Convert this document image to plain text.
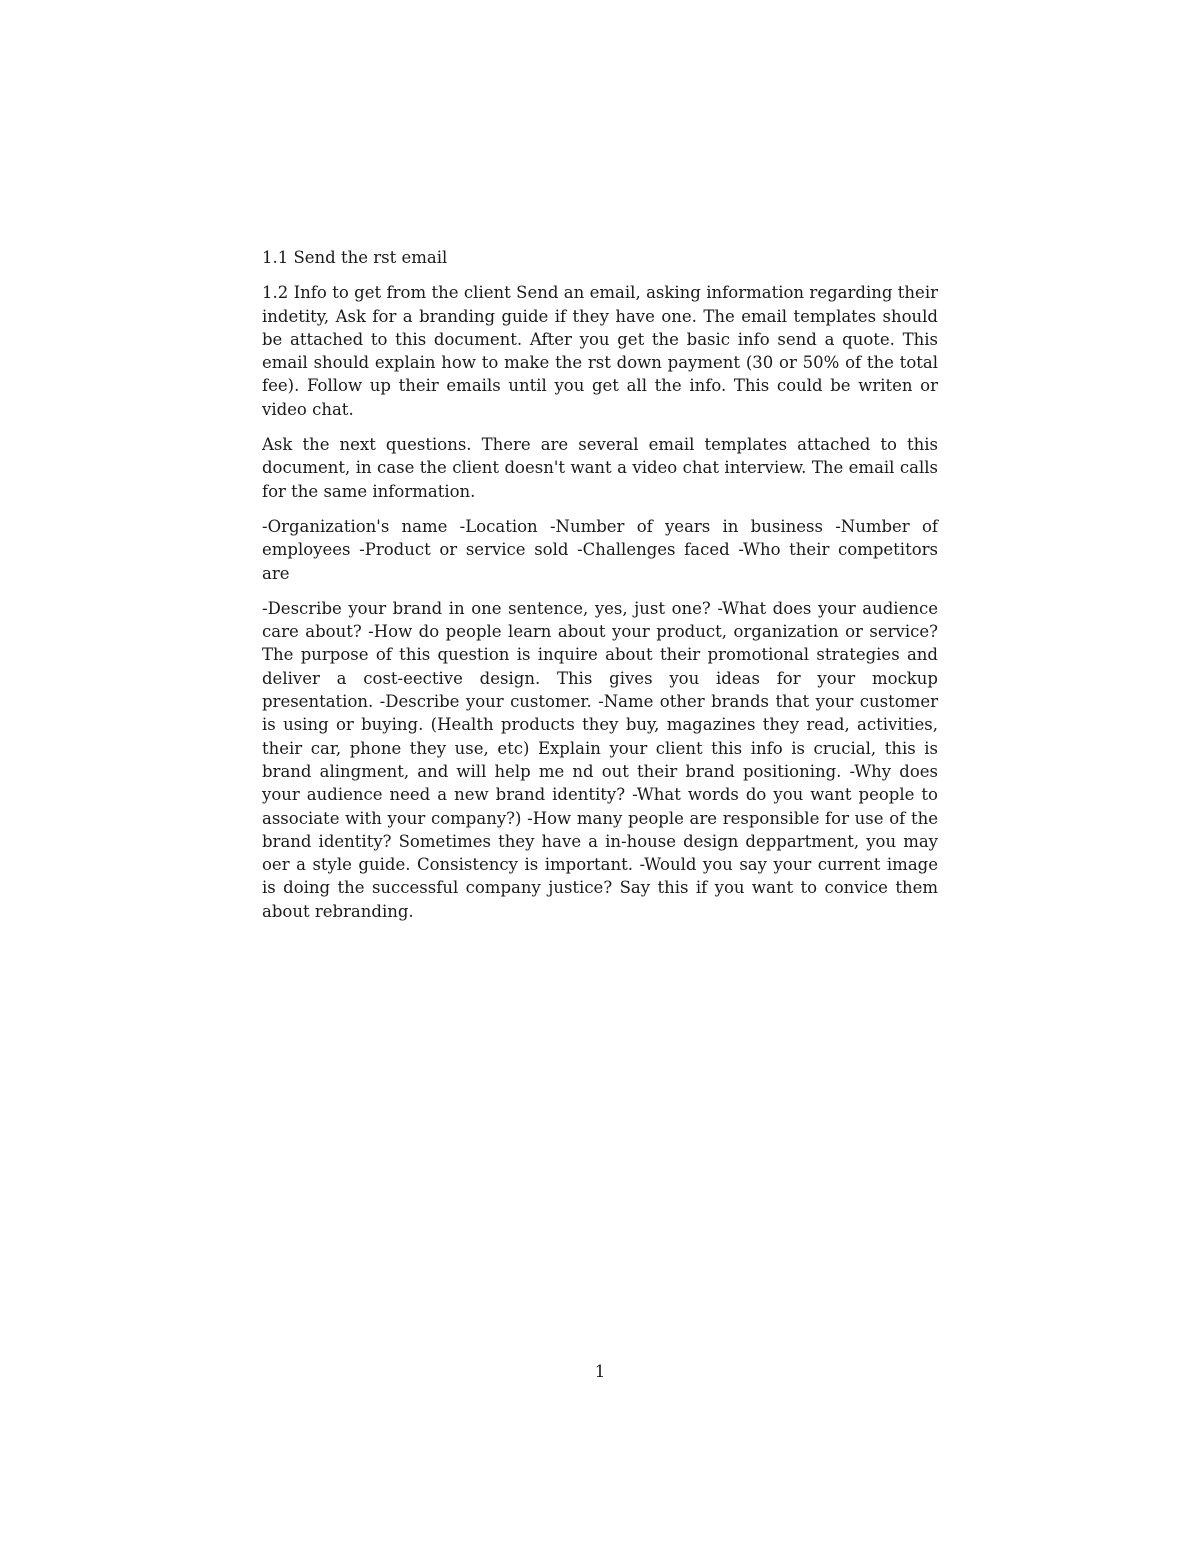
1.1 Send the rst email

1.2 Info to get from the client Send an email, asking information regarding their indetity, Ask for a branding guide if they have one. The email templates should be attached to this document. After you get the basic info send a quote. This email should explain how to make the rst down payment (30 or 50% of the total fee). Follow up their emails until you get all the info. This could be writen or video chat.

Ask the next questions. There are several email templates attached to this document, in case the client doesn't want a video chat interview. The email calls for the same information.

-Organization's name -Location -Number of years in business -Number of employees -Product or service sold -Challenges faced -Who their competitors are

-Describe your brand in one sentence, yes, just one? -What does your audience care about? -How do people learn about your product, organization or service? The purpose of this question is inquire about their promotional strategies and deliver a cost-eective design. This gives you ideas for your mockup presentation. -Describe your customer. -Name other brands that your customer is using or buying. (Health products they buy, magazines they read, activities, their car, phone they use, etc) Explain your client this info is crucial, this is brand alingment, and will help me nd out their brand positioning. -Why does your audience need a new brand identity? -What words do you want people to associate with your company?) -How many people are responsible for use of the brand identity? Sometimes they have a in-house design deppartment, you may oer a style guide. Consistency is important. -Would you say your current image is doing the successful company justice? Say this if you want to convice them about rebranding.

1
